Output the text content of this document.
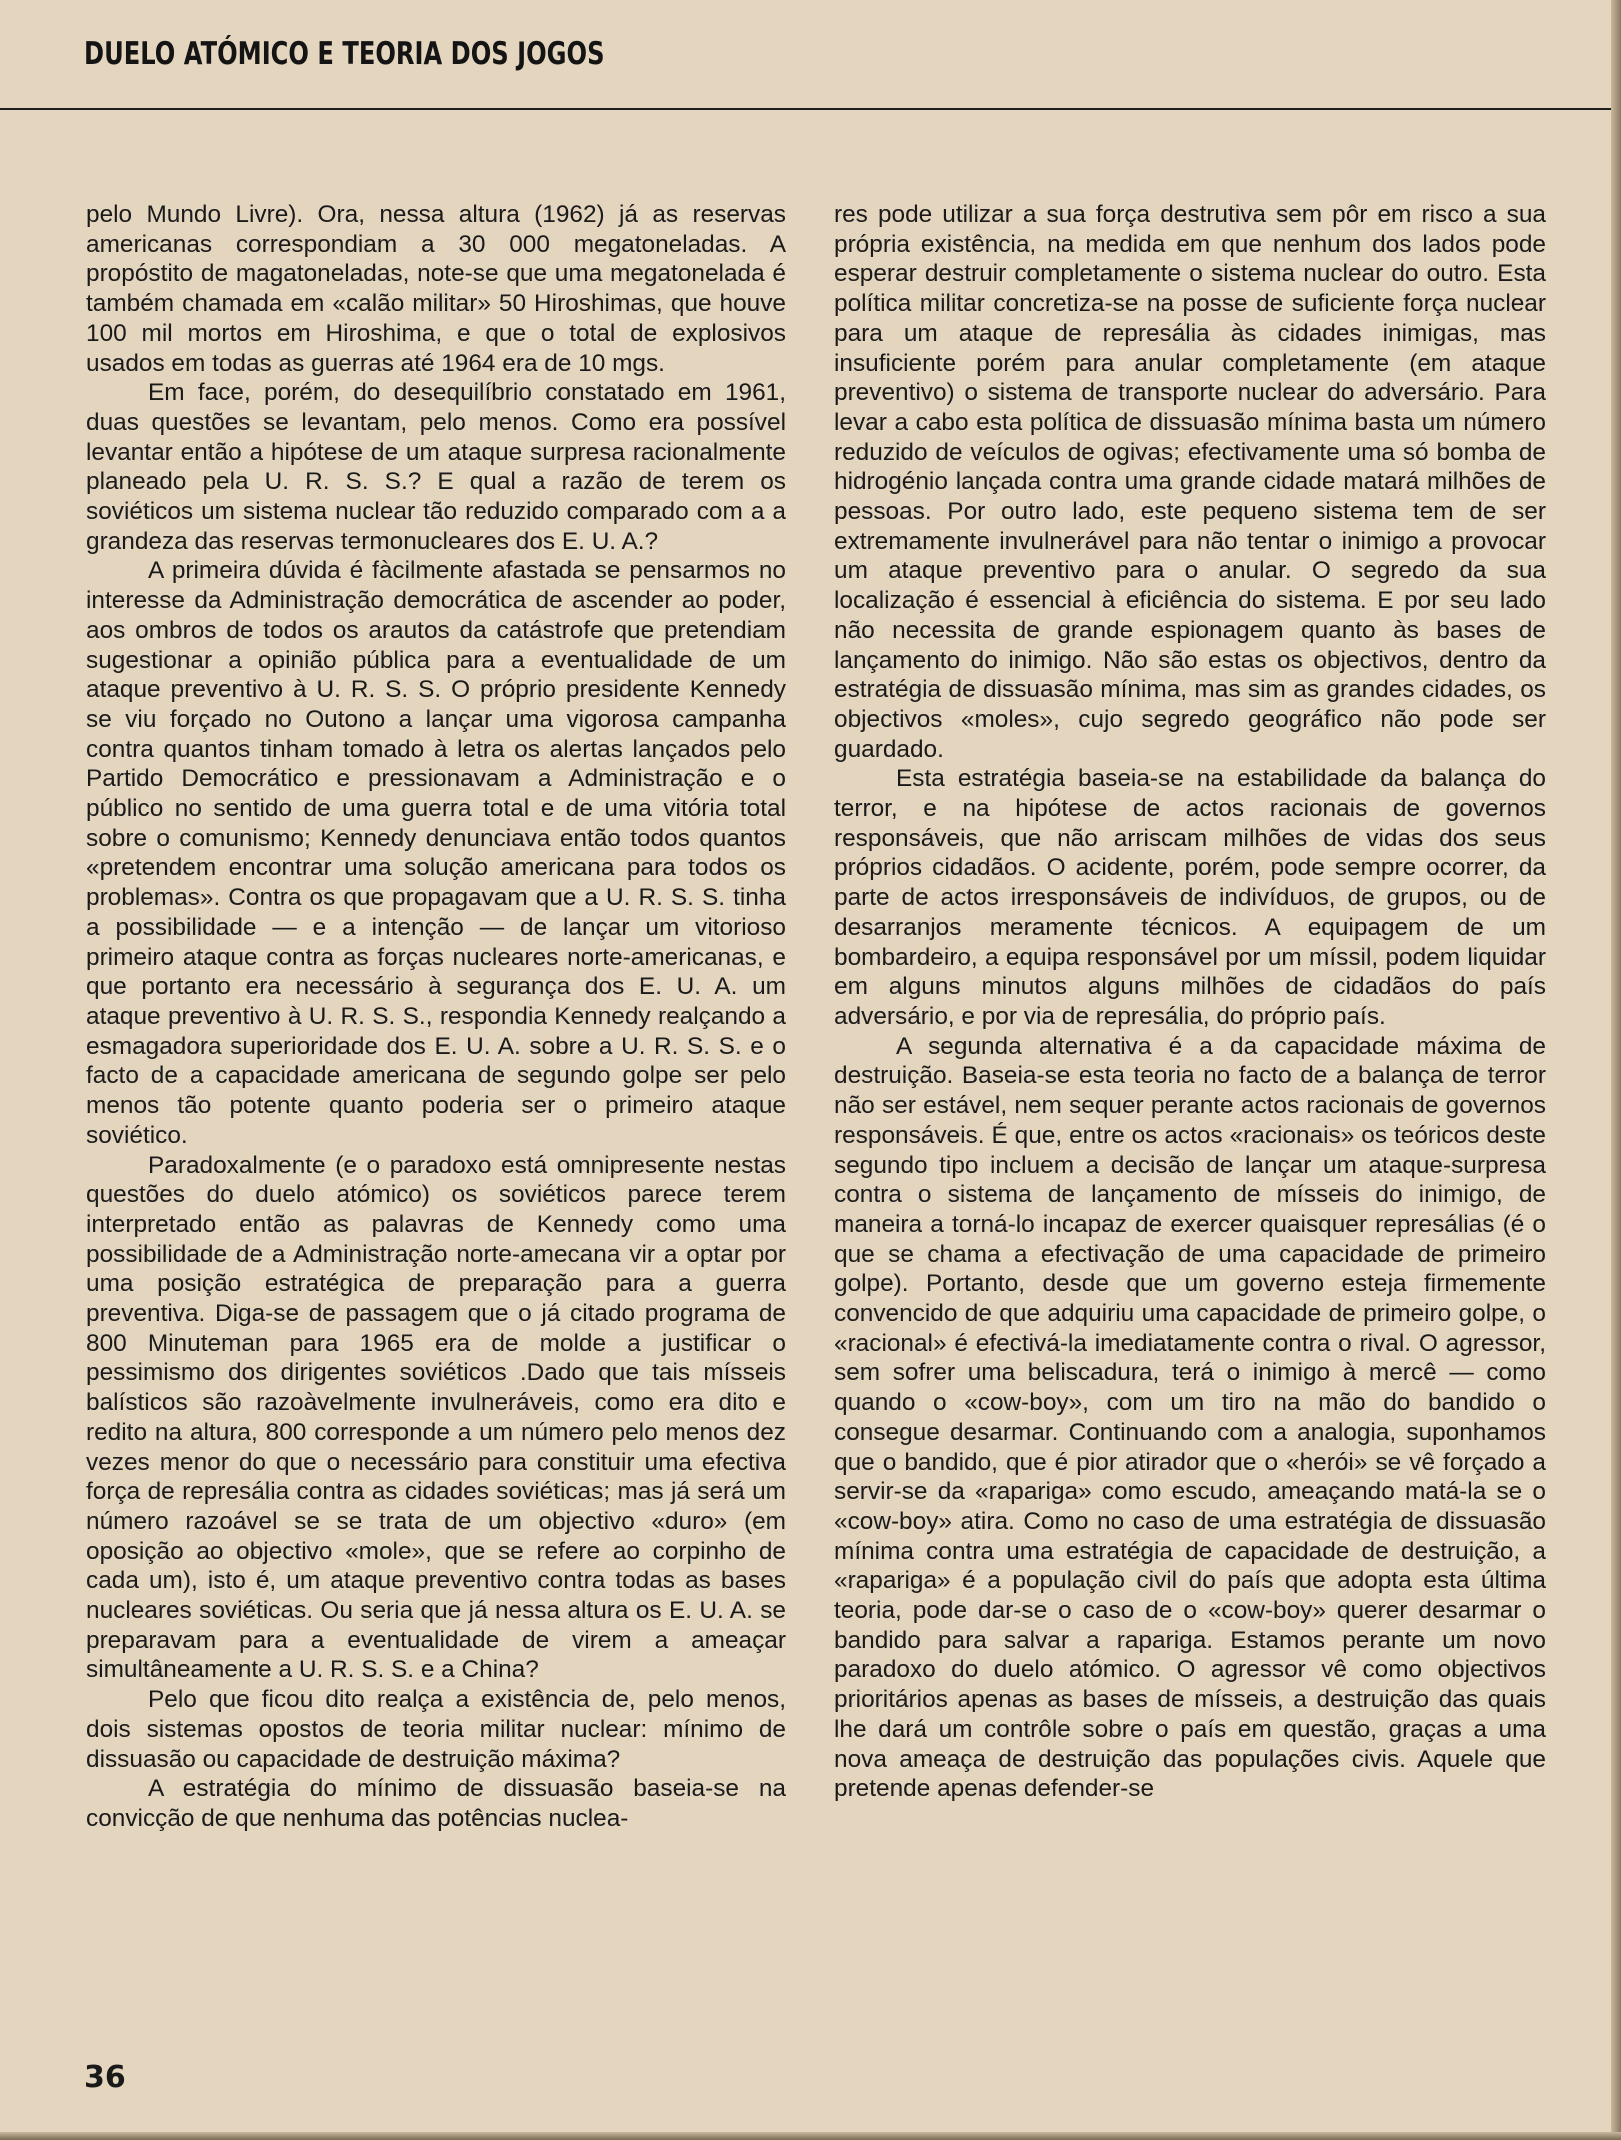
DUELO ATÓMICO E TEORIA DOS JOGOS

pelo Mundo Livre). Ora, nessa altura (1962) já as reservas americanas correspondiam a 30 000 megatoneladas. A propóstito de magatoneladas, note-se que uma megatonelada é também chamada em «calão militar» 50 Hiroshimas, que houve 100 mil mortos em Hiroshima, e que o total de explosivos usados em todas as guerras até 1964 era de 10 mgs.

Em face, porém, do desequilíbrio constatado em 1961, duas questões se levantam, pelo menos. Como era possível levantar então a hipótese de um ataque surpresa racionalmente planeado pela U. R. S. S.? E qual a razão de terem os soviéticos um sistema nuclear tão reduzido comparado com a a grandeza das reservas termonucleares dos E. U. A.?

A primeira dúvida é fàcilmente afastada se pensarmos no interesse da Administração democrática de ascender ao poder, aos ombros de todos os arautos da catástrofe que pretendiam sugestionar a opinião pública para a eventualidade de um ataque preventivo à U. R. S. S. O próprio presidente Kennedy se viu forçado no Outono a lançar uma vigorosa campanha contra quantos tinham tomado à letra os alertas lançados pelo Partido Democrático e pressionavam a Administração e o público no sentido de uma guerra total e de uma vitória total sobre o comunismo; Kennedy denunciava então todos quantos «pretendem encontrar uma solução americana para todos os problemas». Contra os que propagavam que a U. R. S. S. tinha a possibilidade — e a intenção — de lançar um vitorioso primeiro ataque contra as forças nucleares norte-americanas, e que portanto era necessário à segurança dos E. U. A. um ataque preventivo à U. R. S. S., respondia Kennedy realçando a esmagadora superioridade dos E. U. A. sobre a U. R. S. S. e o facto de a capacidade americana de segundo golpe ser pelo menos tão potente quanto poderia ser o primeiro ataque soviético.

Paradoxalmente (e o paradoxo está omnipresente nestas questões do duelo atómico) os soviéticos parece terem interpretado então as palavras de Kennedy como uma possibilidade de a Administração norte-amecana vir a optar por uma posição estratégica de preparação para a guerra preventiva. Diga-se de passagem que o já citado programa de 800 Minuteman para 1965 era de molde a justificar o pessimismo dos dirigentes soviéticos .Dado que tais mísseis balísticos são razoàvelmente invulneráveis, como era dito e redito na altura, 800 corresponde a um número pelo menos dez vezes menor do que o necessário para constituir uma efectiva força de represália contra as cidades soviéticas; mas já será um número razoável se se trata de um objectivo «duro» (em oposição ao objectivo «mole», que se refere ao corpinho de cada um), isto é, um ataque preventivo contra todas as bases nucleares soviéticas. Ou seria que já nessa altura os E. U. A. se preparavam para a eventualidade de virem a ameaçar simultâneamente a U. R. S. S. e a China?

Pelo que ficou dito realça a existência de, pelo menos, dois sistemas opostos de teoria militar nuclear: mínimo de dissuasão ou capacidade de destruição máxima?

A estratégia do mínimo de dissuasão baseia-se na convicção de que nenhuma das potências nuclea-

res pode utilizar a sua força destrutiva sem pôr em risco a sua própria existência, na medida em que nenhum dos lados pode esperar destruir completamente o sistema nuclear do outro. Esta política militar concretiza-se na posse de suficiente força nuclear para um ataque de represália às cidades inimigas, mas insuficiente porém para anular completamente (em ataque preventivo) o sistema de transporte nuclear do adversário. Para levar a cabo esta política de dissuasão mínima basta um número reduzido de veículos de ogivas; efectivamente uma só bomba de hidrogénio lançada contra uma grande cidade matará milhões de pessoas. Por outro lado, este pequeno sistema tem de ser extremamente invulnerável para não tentar o inimigo a provocar um ataque preventivo para o anular. O segredo da sua localização é essencial à eficiência do sistema. E por seu lado não necessita de grande espionagem quanto às bases de lançamento do inimigo. Não são estas os objectivos, dentro da estratégia de dissuasão mínima, mas sim as grandes cidades, os objectivos «moles», cujo segredo geográfico não pode ser guardado.

Esta estratégia baseia-se na estabilidade da balança do terror, e na hipótese de actos racionais de governos responsáveis, que não arriscam milhões de vidas dos seus próprios cidadãos. O acidente, porém, pode sempre ocorrer, da parte de actos irresponsáveis de indivíduos, de grupos, ou de desarranjos meramente técnicos. A equipagem de um bombardeiro, a equipa responsável por um míssil, podem liquidar em alguns minutos alguns milhões de cidadãos do país adversário, e por via de represália, do próprio país.

A segunda alternativa é a da capacidade máxima de destruição. Baseia-se esta teoria no facto de a balança de terror não ser estável, nem sequer perante actos racionais de governos responsáveis. É que, entre os actos «racionais» os teóricos deste segundo tipo incluem a decisão de lançar um ataque-surpresa contra o sistema de lançamento de mísseis do inimigo, de maneira a torná-lo incapaz de exercer quaisquer represálias (é o que se chama a efectivação de uma capacidade de primeiro golpe). Portanto, desde que um governo esteja firmemente convencido de que adquiriu uma capacidade de primeiro golpe, o «racional» é efectivá-la imediatamente contra o rival. O agressor, sem sofrer uma beliscadura, terá o inimigo à mercê — como quando o «cow-boy», com um tiro na mão do bandido o consegue desarmar. Continuando com a analogia, suponhamos que o bandido, que é pior atirador que o «herói» se vê forçado a servir-se da «rapariga» como escudo, ameaçando matá-la se o «cow-boy» atira. Como no caso de uma estratégia de dissuasão mínima contra uma estratégia de capacidade de destruição, a «rapariga» é a população civil do país que adopta esta última teoria, pode dar-se o caso de o «cow-boy» querer desarmar o bandido para salvar a rapariga. Estamos perante um novo paradoxo do duelo atómico. O agressor vê como objectivos prioritários apenas as bases de mísseis, a destruição das quais lhe dará um contrôle sobre o país em questão, graças a uma nova ameaça de destruição das populações civis. Aquele que pretende apenas defender-se

36
